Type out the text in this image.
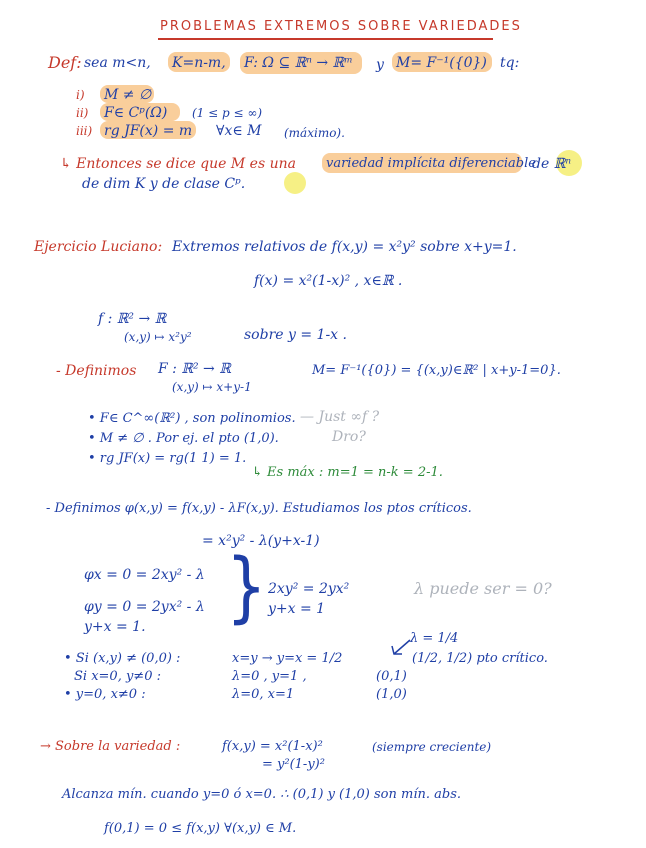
PROBLEMAS EXTREMOS SOBRE VARIEDADES
Def: sea m<n, K=n-m, F: Ω ⊆ ℝⁿ → ℝᵐ y M= F⁻¹({0}) tq:
i) M ≠ ∅
ii) F∈ Cᵖ(Ω) (1 ≤ p ≤ ∞)
iii) rg JF(x) = m ∀x∈ M (máximo).
↳ Entonces se dice que M es una variedad implícita diferenciable
de ℝⁿ
de dim K y de clase Cᵖ.
Ejercicio Luciano: Extremos relativos de f(x,y) = x²y² sobre x+y=1.
f(x) = x²(1-x)² , x∈ℝ .
f : ℝ² → ℝ
(x,y) ↦ x²y²	sobre y = 1-x .
- Definimos F : ℝ² → ℝ
(x,y) ↦ x+y-1
M= F⁻¹({0}) = {(x,y)∈ℝ² | x+y-1=0}.
• F∈ C^∞(ℝ²) , son polinomios. — Just ∞f ?
• M ≠ ∅ . Por ej. el pto (1,0).	Dro?
• rg JF(x) = rg(1 1) = 1.
↳ Es máx : m=1 = n-k = 2-1.
- Definimos φ(x,y) = f(x,y) - λF(x,y). Estudiamos los ptos críticos.
= x²y² - λ(y+x-1)
φx = 0 = 2xy² - λ
φy = 0 = 2yx² - λ
y+x = 1. } 2xy² = 2yx²
y+x = 1
λ puede ser = 0?
λ = 1/4
• Si (x,y) ≠ (0,0) :	x=y → y=x = 1/2	(1/2, 1/2) pto crítico.
Si x=0, y≠0 :	λ=0 , y=1 ,	(0,1)
• y=0, x≠0 :	λ=0, x=1	(1,0)
→ Sobre la variedad :	f(x,y) = x²(1-x)²	(siempre creciente)
= y²(1-y)²
Alcanza mín. cuando y=0 ó x=0. ∴ (0,1) y (1,0) son mín. abs.
f(0,1) = 0 ≤ f(x,y) ∀(x,y) ∈ M.
